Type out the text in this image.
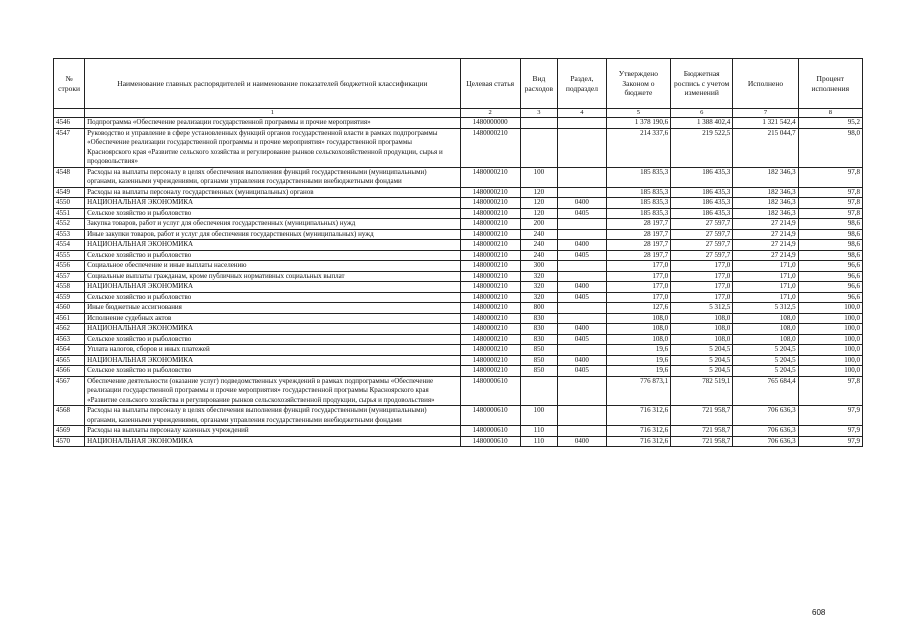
№ строки	Наименование главных распорядителей и наименование показателей бюджетной классификации	Целевая статья	Вид расходов	Раздел, подраздел	Утверждено Законом о бюджете	Бюджетная роспись с учетом изменений	Исполнено	Процент исполнения
	1	2	3	4	5	6	7	8
4546	Подпрограмма «Обеспечение реализации государственной программы и прочие мероприятия»	1480000000			1 378 190,6	1 388 402,4	1 321 542,4	95,2
4547	Руководство и управление в сфере установленных функций органов государственной власти в рамках подпрограммы «Обеспечение реализации государственной программы и прочие мероприятия» государственной программы Красноярского края «Развитие сельского хозяйства и регулирование рынков сельскохозяйственной продукции, сырья и продовольствия»	1480000210			214 337,6	219 522,5	215 044,7	98,0
4548	Расходы на выплаты персоналу в целях обеспечения выполнения функций государственными (муниципальными) органами, казенными учреждениями, органами управления государственными внебюджетными фондами	1480000210	100		185 835,3	186 435,3	182 346,3	97,8
4549	Расходы на выплаты персоналу государственных (муниципальных) органов	1480000210	120		185 835,3	186 435,3	182 346,3	97,8
4550	НАЦИОНАЛЬНАЯ ЭКОНОМИКА	1480000210	120	0400	185 835,3	186 435,3	182 346,3	97,8
4551	Сельское хозяйство и рыболовство	1480000210	120	0405	185 835,3	186 435,3	182 346,3	97,8
4552	Закупка товаров, работ и услуг для обеспечения государственных (муниципальных) нужд	1480000210	200		28 197,7	27 597,7	27 214,9	98,6
4553	Иные закупки товаров, работ и услуг для обеспечения государственных (муниципальных) нужд	1480000210	240		28 197,7	27 597,7	27 214,9	98,6
4554	НАЦИОНАЛЬНАЯ ЭКОНОМИКА	1480000210	240	0400	28 197,7	27 597,7	27 214,9	98,6
4555	Сельское хозяйство и рыболовство	1480000210	240	0405	28 197,7	27 597,7	27 214,9	98,6
4556	Социальное обеспечение и иные выплаты населению	1480000210	300		177,0	177,0	171,0	96,6
4557	Социальные выплаты гражданам, кроме публичных нормативных социальных выплат	1480000210	320		177,0	177,0	171,0	96,6
4558	НАЦИОНАЛЬНАЯ ЭКОНОМИКА	1480000210	320	0400	177,0	177,0	171,0	96,6
4559	Сельское хозяйство и рыболовство	1480000210	320	0405	177,0	177,0	171,0	96,6
4560	Иные бюджетные ассигнования	1480000210	800		127,6	5 312,5	5 312,5	100,0
4561	Исполнение судебных актов	1480000210	830		108,0	108,0	108,0	100,0
4562	НАЦИОНАЛЬНАЯ ЭКОНОМИКА	1480000210	830	0400	108,0	108,0	108,0	100,0
4563	Сельское хозяйство и рыболовство	1480000210	830	0405	108,0	108,0	108,0	100,0
4564	Уплата налогов, сборов и иных платежей	1480000210	850		19,6	5 204,5	5 204,5	100,0
4565	НАЦИОНАЛЬНАЯ ЭКОНОМИКА	1480000210	850	0400	19,6	5 204,5	5 204,5	100,0
4566	Сельское хозяйство и рыболовство	1480000210	850	0405	19,6	5 204,5	5 204,5	100,0
4567	Обеспечение деятельности (оказание услуг) подведомственных учреждений в рамках подпрограммы «Обеспечение реализации государственной программы и прочие мероприятия» государственной программы Красноярского края «Развитие сельского хозяйства и регулирование рынков сельскохозяйственной продукции, сырья и продовольствия»	1480000610			776 873,1	782 519,1	765 684,4	97,8
4568	Расходы на выплаты персоналу в целях обеспечения выполнения функций государственными (муниципальными) органами, казенными учреждениями, органами управления государственными внебюджетными фондами	1480000610	100		716 312,6	721 958,7	706 636,3	97,9
4569	Расходы на выплаты персоналу казенных учреждений	1480000610	110		716 312,6	721 958,7	706 636,3	97,9
4570	НАЦИОНАЛЬНАЯ ЭКОНОМИКА	1480000610	110	0400	716 312,6	721 958,7	706 636,3	97,9
608
